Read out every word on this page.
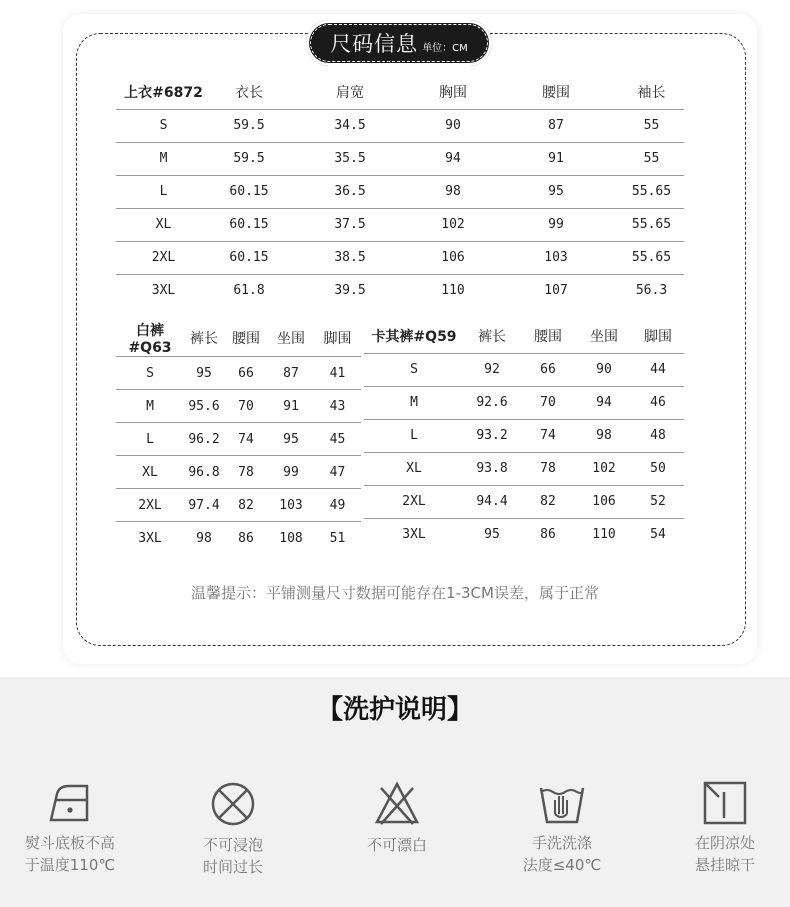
尺码信息 单位：CM
上衣#6872	衣长	肩宽	胸围	腰围	袖长
S	59.5	34.5	90	87	55
M	59.5	35.5	94	91	55
L	60.15	36.5	98	95	55.65
XL	60.15	37.5	102	99	55.65
2XL	60.15	38.5	106	103	55.65
3XL	61.8	39.5	110	107	56.3
白裤#Q63	裤长	腰围	坐围	脚围
S	95	66	87	41
M	95.6	70	91	43
L	96.2	74	95	45
XL	96.8	78	99	47
2XL	97.4	82	103	49
3XL	98	86	108	51
卡其裤#Q59	裤长	腰围	坐围	脚围
S	92	66	90	44
M	92.6	70	94	46
L	93.2	74	98	48
XL	93.8	78	102	50
2XL	94.4	82	106	52
3XL	95	86	110	54
温馨提示：平铺测量尺寸数据可能存在1-3CM误差，属于正常
【洗护说明】
熨斗底板不高
于温度110℃
不可浸泡
时间过长
不可漂白	手洗洗涤
法度≤40℃
在阴凉处
悬挂晾干
